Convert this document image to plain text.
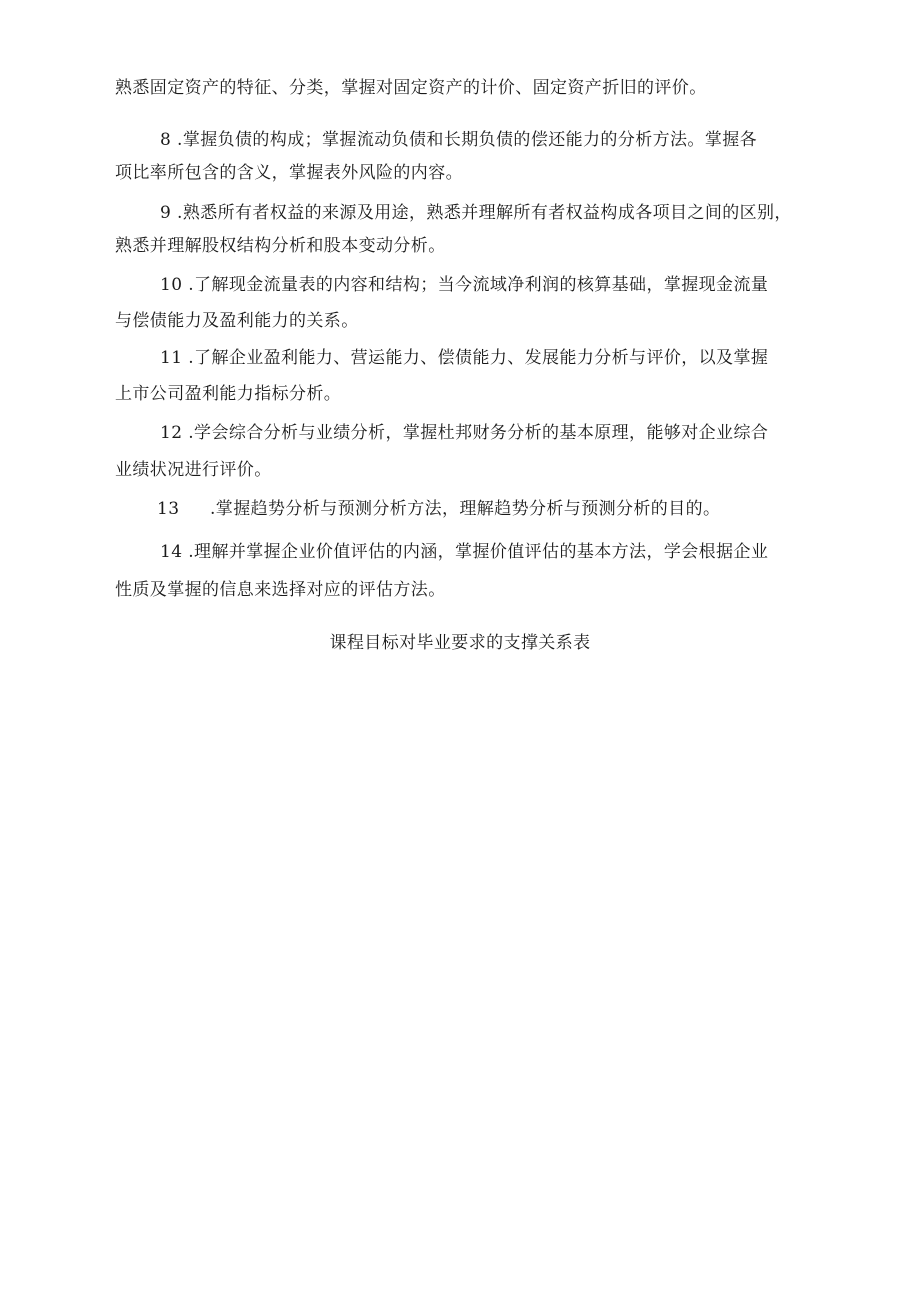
熟悉固定资产的特征、分类，掌握对固定资产的计价、固定资产折旧的评价。
8 .掌握负债的构成；掌握流动负债和长期负债的偿还能力的分析方法。掌握各
项比率所包含的含义，掌握表外风险的内容。
9 .熟悉所有者权益的来源及用途，熟悉并理解所有者权益构成各项目之间的区别，
熟悉并理解股权结构分析和股本变动分析。
10 .了解现金流量表的内容和结构；当今流域净利润的核算基础，掌握现金流量
与偿债能力及盈利能力的关系。
11 .了解企业盈利能力、营运能力、偿债能力、发展能力分析与评价，以及掌握
上市公司盈利能力指标分析。
12 .学会综合分析与业绩分析，掌握杜邦财务分析的基本原理，能够对企业综合
业绩状况进行评价。
13 .掌握趋势分析与预测分析方法，理解趋势分析与预测分析的目的。
14 .理解并掌握企业价值评估的内涵，掌握价值评估的基本方法，学会根据企业
性质及掌握的信息来选择对应的评估方法。
课程目标对毕业要求的支撑关系表
